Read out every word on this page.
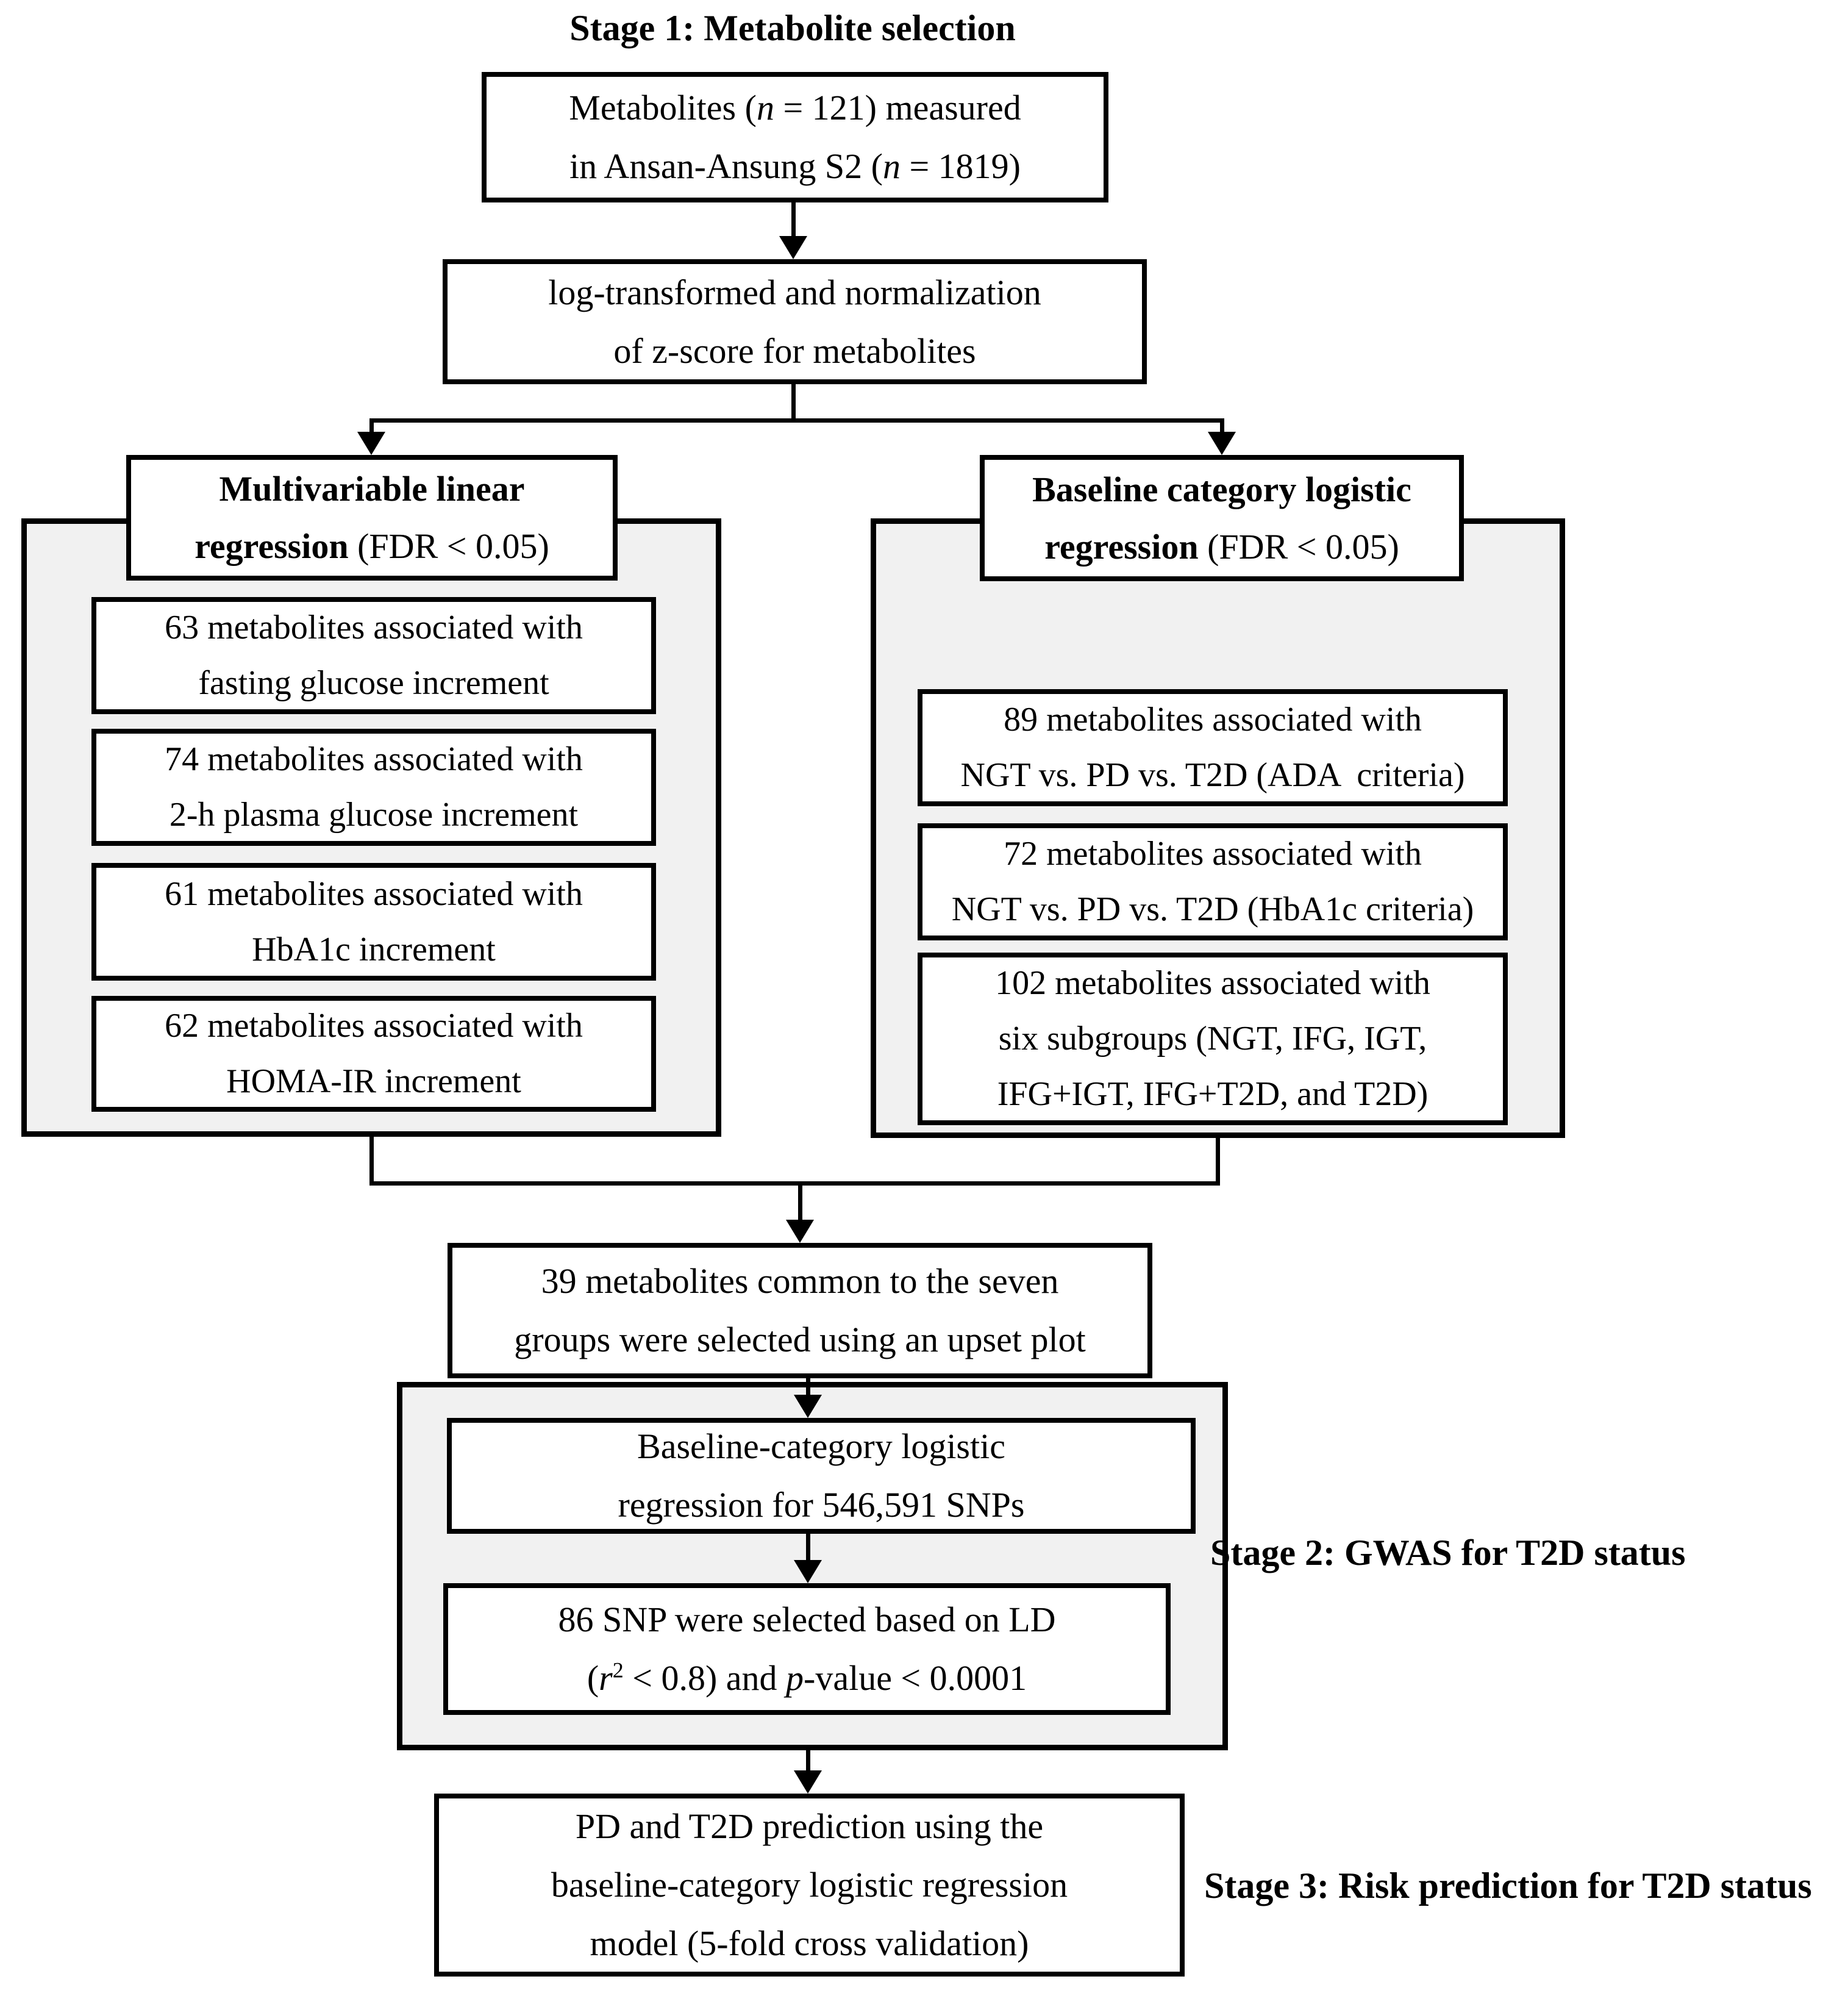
Stage 1: Metabolite selection
Metabolites (n = 121) measured
in Ansan-Ansung S2 (n = 1819)
log-transformed and normalization
of z-score for metabolites
Multivariable linear
regression (FDR < 0.05)
Baseline category logistic
regression (FDR < 0.05)
63 metabolites associated with
fasting glucose increment
74 metabolites associated with
2-h plasma glucose increment
61 metabolites associated with
HbA1c increment
62 metabolites associated with
HOMA-IR increment
89 metabolites associated with
NGT vs. PD vs. T2D (ADA  criteria)
72 metabolites associated with
NGT vs. PD vs. T2D (HbA1c criteria)
102 metabolites associated with
six subgroups (NGT, IFG, IGT,
IFG+IGT, IFG+T2D, and T2D)
39 metabolites common to the seven
groups were selected using an upset plot
Baseline-category logistic
regression for 546,591 SNPs
86 SNP were selected based on LD
$(r^2 < 0.8)$ and p-value < 0.0001
Stage 2: GWAS for T2D status
PD and T2D prediction using the
baseline-category logistic regression
model (5-fold cross validation)
Stage 3: Risk prediction for T2D status
